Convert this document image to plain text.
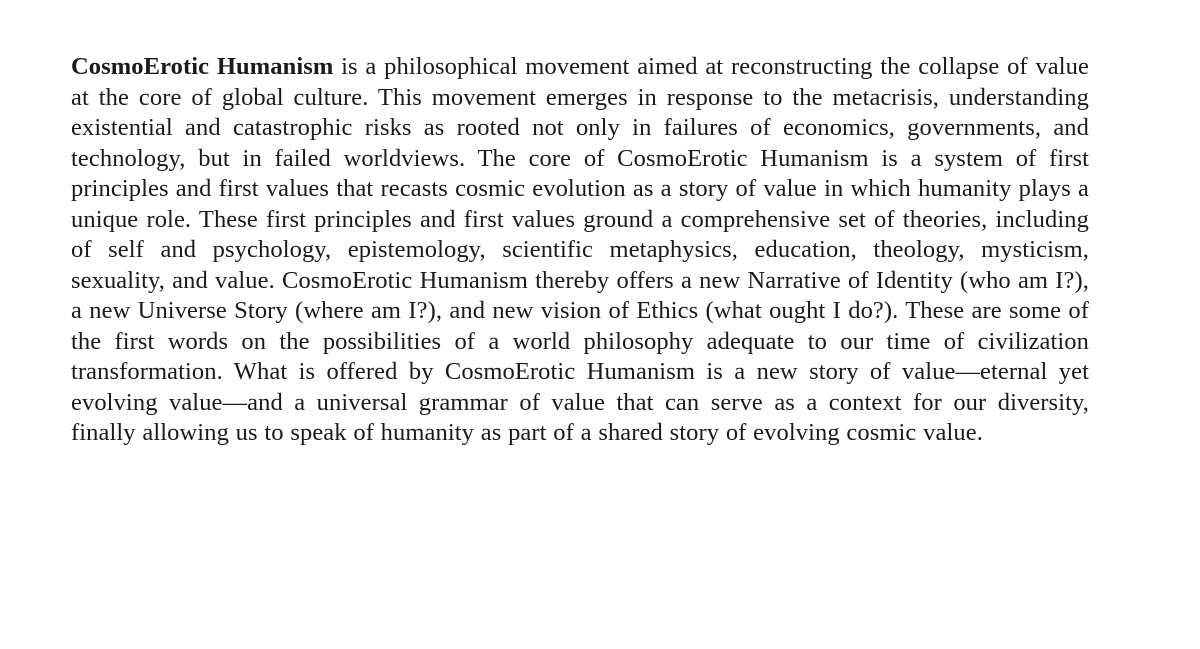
CosmoErotic Humanism is a philosophical movement aimed at reconstructing the collapse of value at the core of global culture. This movement emerges in response to the metacrisis, understanding existential and catastrophic risks as rooted not only in failures of economics, governments, and technology, but in failed worldviews. The core of CosmoErotic Humanism is a system of first principles and first values that recasts cosmic evolution as a story of value in which humanity plays a unique role. These first principles and first values ground a comprehensive set of theories, including of self and psychology, epistemology, scientific metaphysics, education, theology, mysticism, sexuality, and value. CosmoErotic Humanism thereby offers a new Narrative of Identity (who am I?), a new Universe Story (where am I?), and new vision of Ethics (what ought I do?). These are some of the first words on the possibilities of a world philosophy adequate to our time of civilization transformation. What is offered by CosmoErotic Humanism is a new story of value—eternal yet evolving value—and a universal grammar of value that can serve as a context for our diversity, finally allowing us to speak of humanity as part of a shared story of evolving cosmic value.
